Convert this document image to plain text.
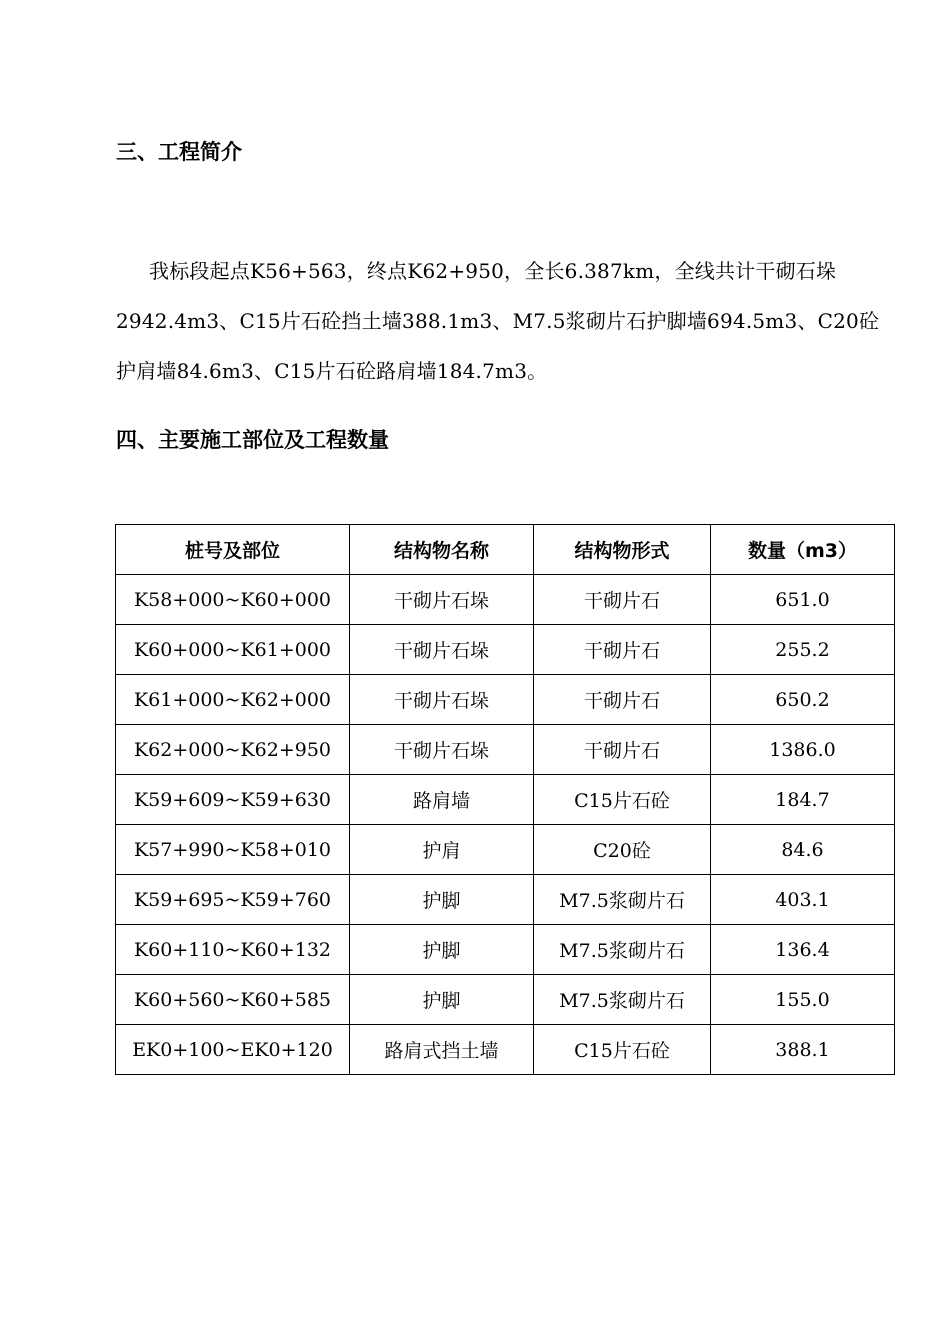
三、工程简介

我标段起点K56+563，终点K62+950，全长6.387km，全线共计干砌石垛2942.4m3、C15片石砼挡土墙388.1m3、M7.5浆砌片石护脚墙694.5m3、C20砼护肩墙84.6m3、C15片石砼路肩墙184.7m3。

四、主要施工部位及工程数量
桩号及部位	结构物名称	结构物形式	数量（m3）
K58+000~K60+000	干砌片石垛	干砌片石	651.0
K60+000~K61+000	干砌片石垛	干砌片石	255.2
K61+000~K62+000	干砌片石垛	干砌片石	650.2
K62+000~K62+950	干砌片石垛	干砌片石	1386.0
K59+609~K59+630	路肩墙	C15片石砼	184.7
K57+990~K58+010	护肩	C20砼	84.6
K59+695~K59+760	护脚	M7.5浆砌片石	403.1
K60+110~K60+132	护脚	M7.5浆砌片石	136.4
K60+560~K60+585	护脚	M7.5浆砌片石	155.0
EK0+100~EK0+120	路肩式挡土墙	C15片石砼	388.1
